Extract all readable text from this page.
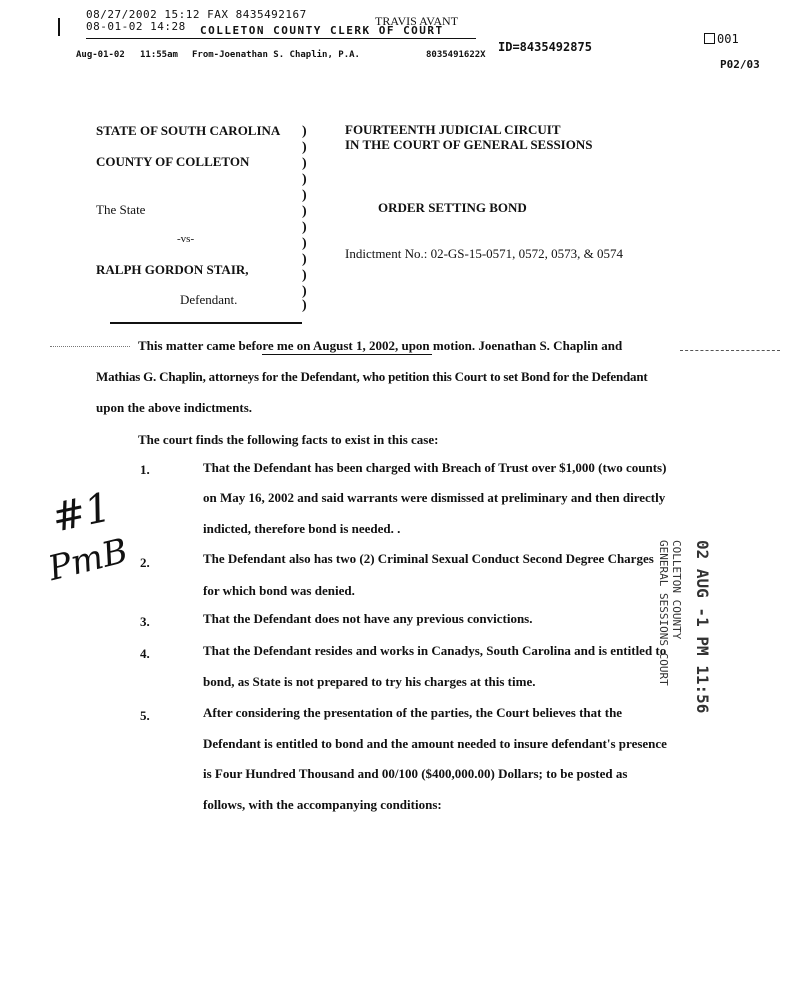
08/27/2002 15:12 FAX 8435492167
08-01-02 14:28 COLLETON COUNTY CLERK OF COURT
TRAVIS AVANT
001
Aug-01-02 11:55am From-Joenathan S. Chaplin, P.A.	8035491622X
ID=8435492875
P02/03
STATE OF SOUTH CAROLINA
COUNTY OF COLLETON
The State
-vs-
RALPH GORDON STAIR,
Defendant.
)
)
)
)
)
)
)
)
)
)
)
)
FOURTEENTH JUDICIAL CIRCUIT
IN THE COURT OF GENERAL SESSIONS
ORDER SETTING BOND
Indictment No.: 02-GS-15-0571, 0572, 0573, & 0574
This matter came before me on August 1, 2002, upon motion. Joenathan S. Chaplin and
Mathias G. Chaplin, attorneys for the Defendant, who petition this Court to set Bond for the Defendant
upon the above indictments.
The court finds the following facts to exist in this case:
1.	That the Defendant has been charged with Breach of Trust over $1,000 (two counts)
on May 16, 2002 and said warrants were dismissed at preliminary and then directly
indicted, therefore bond is needed. .
2.	The Defendant also has two (2) Criminal Sexual Conduct Second Degree Charges
for which bond was denied.
3.	That the Defendant does not have any previous convictions.
4.	That the Defendant resides and works in Canadys, South Carolina and is entitled to
bond, as State is not prepared to try his charges at this time.
5.	After considering the presentation of the parties, the Court believes that the
Defendant is entitled to bond and the amount needed to insure defendant's presence
is Four Hundred Thousand and 00/100 ($400,000.00) Dollars; to be posted as
follows, with the accompanying conditions:
#1
PmB	02 AUG -1 PM 11:56
COLLETON COUNTY
GENERAL SESSIONS COURT
